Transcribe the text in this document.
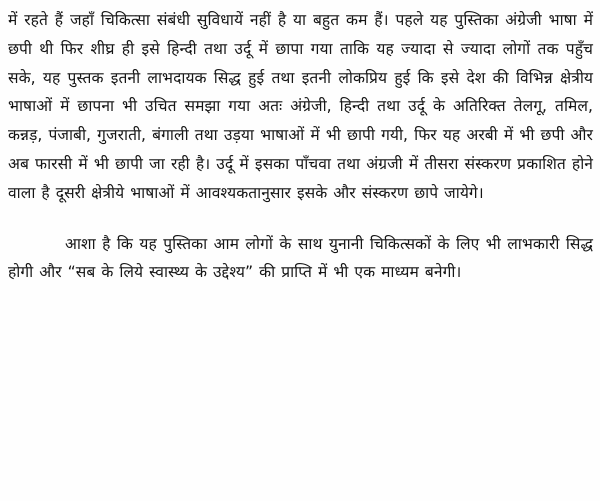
में रहते हैं जहाँ चिकित्सा संबंधी सुविधायें नहीं है या बहुत कम हैं। पहले यह पुस्तिका अंग्रेजी भाषा में छपी थी फिर शीघ्र ही इसे हिन्दी तथा उर्दू में छापा गया ताकि यह ज्यादा से ज्यादा लोगों तक पहुँच सके, यह पुस्तक इतनी लाभदायक सिद्ध हुई तथा इतनी लोकप्रिय हुई कि इसे देश की विभिन्न क्षेत्रीय भाषाओं में छापना भी उचित समझा गया अतः अंग्रेजी, हिन्दी तथा उर्दू के अतिरिक्त तेलगू, तमिल, कन्नड़, पंजाबी, गुजराती, बंगाली तथा उड़या भाषाओं में भी छापी गयी, फिर यह अरबी में भी छपी और अब फारसी में भी छापी जा रही है। उर्दू में इसका पाँचवा तथा अंग्रजी में तीसरा संस्करण प्रकाशित होने वाला है दूसरी क्षेत्रीये भाषाओं में आवश्यकतानुसार इसके और संस्करण छापे जायेगे।

आशा है कि यह पुस्तिका आम लोगों के साथ युनानी चिकित्सकों के लिए भी लाभकारी सिद्ध होगी और “सब के लिये स्वास्थ्य के उद्देश्य” की प्राप्ति में भी एक माध्यम बनेगी।
